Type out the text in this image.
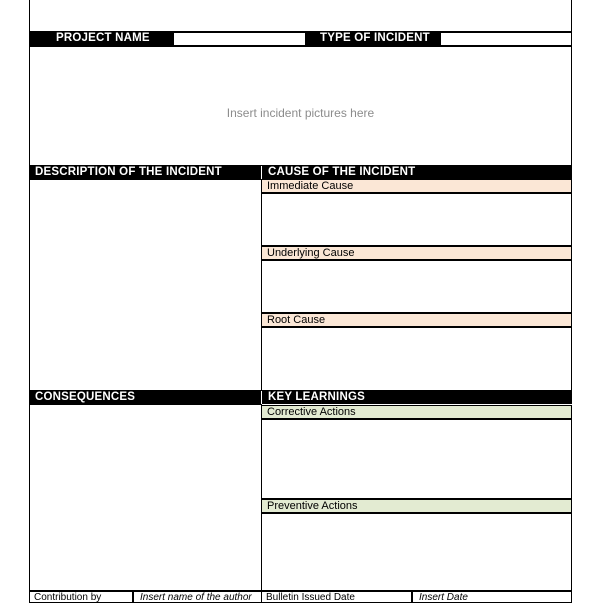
PROJECT NAME	TYPE OF INCIDENT
Insert incident pictures here
DESCRIPTION OF THE INCIDENT	CAUSE OF THE INCIDENT
Immediate Cause
Underlying Cause
Root Cause
CONSEQUENCES	KEY LEARNINGS
Corrective Actions
Preventive Actions
Contribution by	Insert name of the author	Bulletin Issued Date	Insert Date
